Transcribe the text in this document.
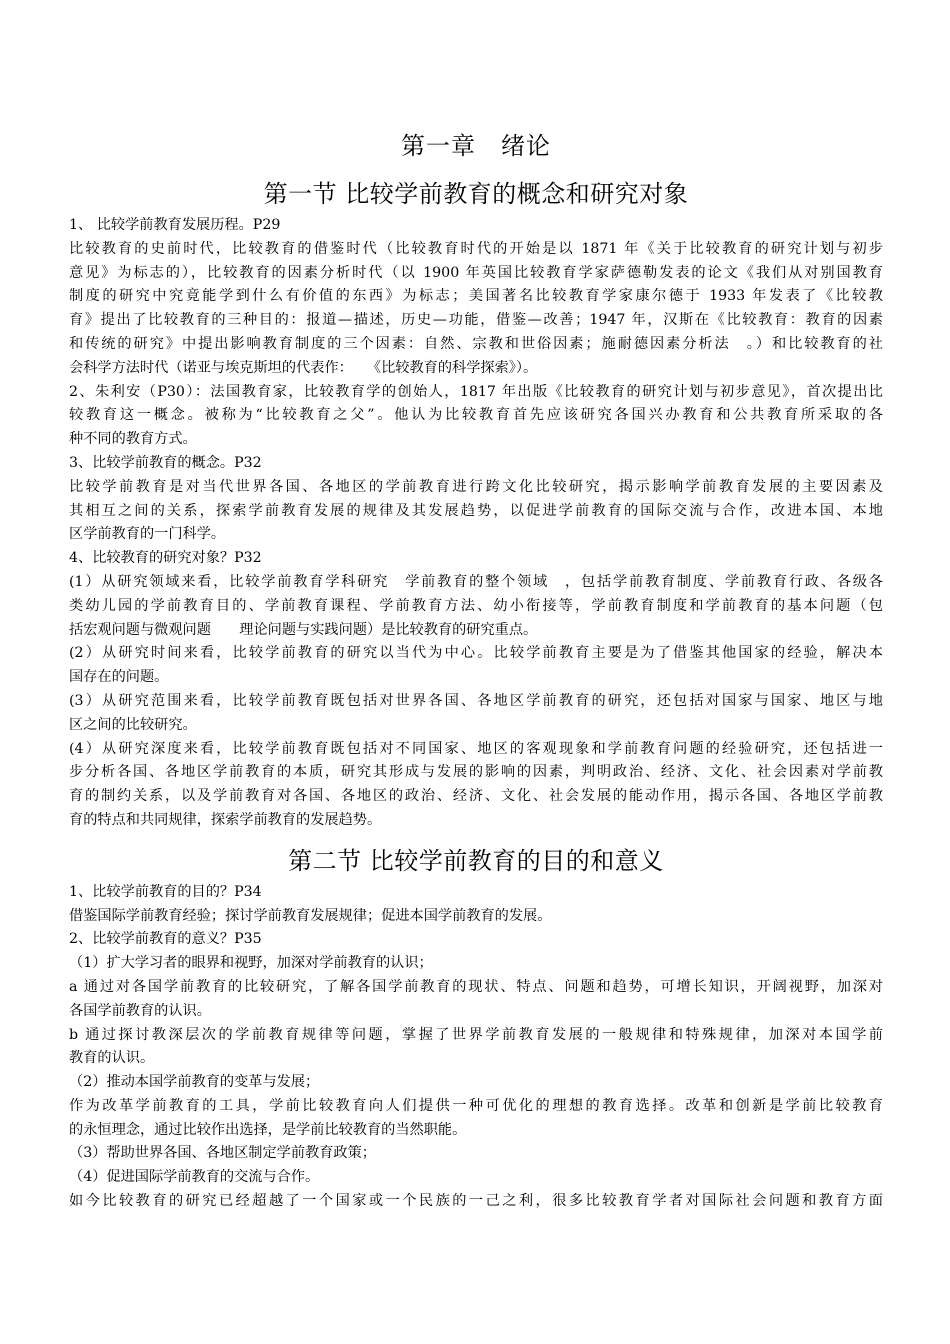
第一章　绪论
第一节 比较学前教育的概念和研究对象
1、 比较学前教育发展历程。P29
比较教育的史前时代，比较教育的借鉴时代（比较教育时代的开始是以 1871 年《关于比较教育的研究计划与初步
意见》为标志的），比较教育的因素分析时代（以 1900 年英国比较教育学家萨德勒发表的论文《我们从对别国教育
制度的研究中究竟能学到什么有价值的东西》为标志；美国著名比较教育学家康尔德于 1933 年发表了《比较教
育》提出了比较教育的三种目的：报道—描述，历史—功能，借鉴—改善；1947 年，汉斯在《比较教育：教育的因素
和传统的研究》中提出影响教育制度的三个因素：自然、宗教和世俗因素；施耐德因素分析法　。）和比较教育的社
会科学方法时代（诺亚与埃克斯坦的代表作：　　《比较教育的科学探索》）。
2、朱利安（P30）：法国教育家，比较教育学的创始人，1817 年出版《比较教育的研究计划与初步意见》，首次提出比
较教育这一概念。被称为“比较教育之父”。他认为比较教育首先应该研究各国兴办教育和公共教育所采取的各
种不同的教育方式。
3、比较学前教育的概念。P32
比较学前教育是对当代世界各国、各地区的学前教育进行跨文化比较研究，揭示影响学前教育发展的主要因素及
其相互之间的关系，探索学前教育发展的规律及其发展趋势，以促进学前教育的国际交流与合作，改进本国、本地
区学前教育的一门科学。
4、比较教育的研究对象？P32
(1）从研究领域来看，比较学前教育学科研究　学前教育的整个领域　，包括学前教育制度、学前教育行政、各级各
类幼儿园的学前教育目的、学前教育课程、学前教育方法、幼小衔接等，学前教育制度和学前教育的基本问题（包
括宏观问题与微观问题　　理论问题与实践问题）是比较教育的研究重点。
(2）从研究时间来看，比较学前教育的研究以当代为中心。比较学前教育主要是为了借鉴其他国家的经验，解决本
国存在的问题。
(3）从研究范围来看，比较学前教育既包括对世界各国、各地区学前教育的研究，还包括对国家与国家、地区与地
区之间的比较研究。
(4）从研究深度来看，比较学前教育既包括对不同国家、地区的客观现象和学前教育问题的经验研究，还包括进一
步分析各国、各地区学前教育的本质，研究其形成与发展的影响的因素，判明政治、经济、文化、社会因素对学前教
育的制约关系，以及学前教育对各国、各地区的政治、经济、文化、社会发展的能动作用，揭示各国、各地区学前教
育的特点和共同规律，探索学前教育的发展趋势。
第二节 比较学前教育的目的和意义
1、比较学前教育的目的？P34
借鉴国际学前教育经验；探讨学前教育发展规律；促进本国学前教育的发展。
2、比较学前教育的意义？P35
（1）扩大学习者的眼界和视野，加深对学前教育的认识；
a 通过对各国学前教育的比较研究，了解各国学前教育的现状、特点、问题和趋势，可增长知识，开阔视野，加深对
各国学前教育的认识。
b 通过探讨教深层次的学前教育规律等问题，掌握了世界学前教育发展的一般规律和特殊规律，加深对本国学前
教育的认识。
（2）推动本国学前教育的变革与发展；
作为改革学前教育的工具，学前比较教育向人们提供一种可优化的理想的教育选择。改革和创新是学前比较教育
的永恒理念，通过比较作出选择，是学前比较教育的当然职能。
（3）帮助世界各国、各地区制定学前教育政策；
（4）促进国际学前教育的交流与合作。
如今比较教育的研究已经超越了一个国家或一个民族的一己之利，很多比较教育学者对国际社会问题和教育方面
